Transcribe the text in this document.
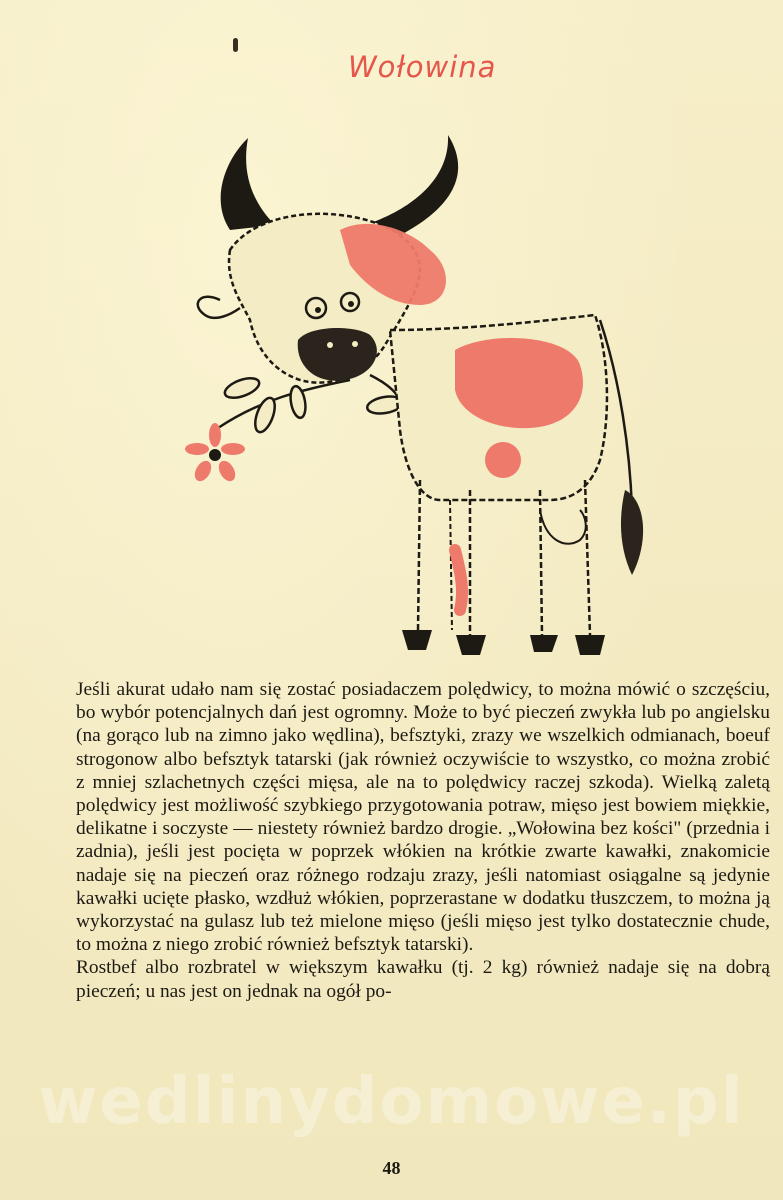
Wołowina

Jeśli akurat udało nam się zostać posiadaczem polędwicy, to można mówić o szczęściu, bo wybór potencjalnych dań jest ogromny. Może to być pieczeń zwykła lub po angielsku (na gorąco lub na zimno jako wędlina), befsztyki, zrazy we wszelkich odmianach, boeuf strogonow albo befsztyk tatarski (jak również oczywiście to wszystko, co można zrobić z mniej szlachetnych części mięsa, ale na to polędwicy raczej szkoda). Wielką zaletą polędwicy jest możliwość szybkiego przygotowania potraw, mięso jest bowiem miękkie, delikatne i soczyste — niestety również bardzo drogie. „Wołowina bez kości" (przednia i zadnia), jeśli jest pocięta w poprzek włókien na krótkie zwarte kawałki, znakomicie nadaje się na pieczeń oraz różnego rodzaju zrazy, jeśli natomiast osiągalne są jedynie kawałki ucięte płasko, wzdłuż włókien, poprzerastane w dodatku tłuszczem, to można ją wykorzystać na gulasz lub też mielone mięso (jeśli mięso jest tylko dostatecznie chude, to można z niego zrobić również befsztyk tatarski).

Rostbef albo rozbratel w większym kawałku (tj. 2 kg) również nadaje się na dobrą pieczeń; u nas jest on jednak na ogół po-

wedlinydomowe.pl
48
